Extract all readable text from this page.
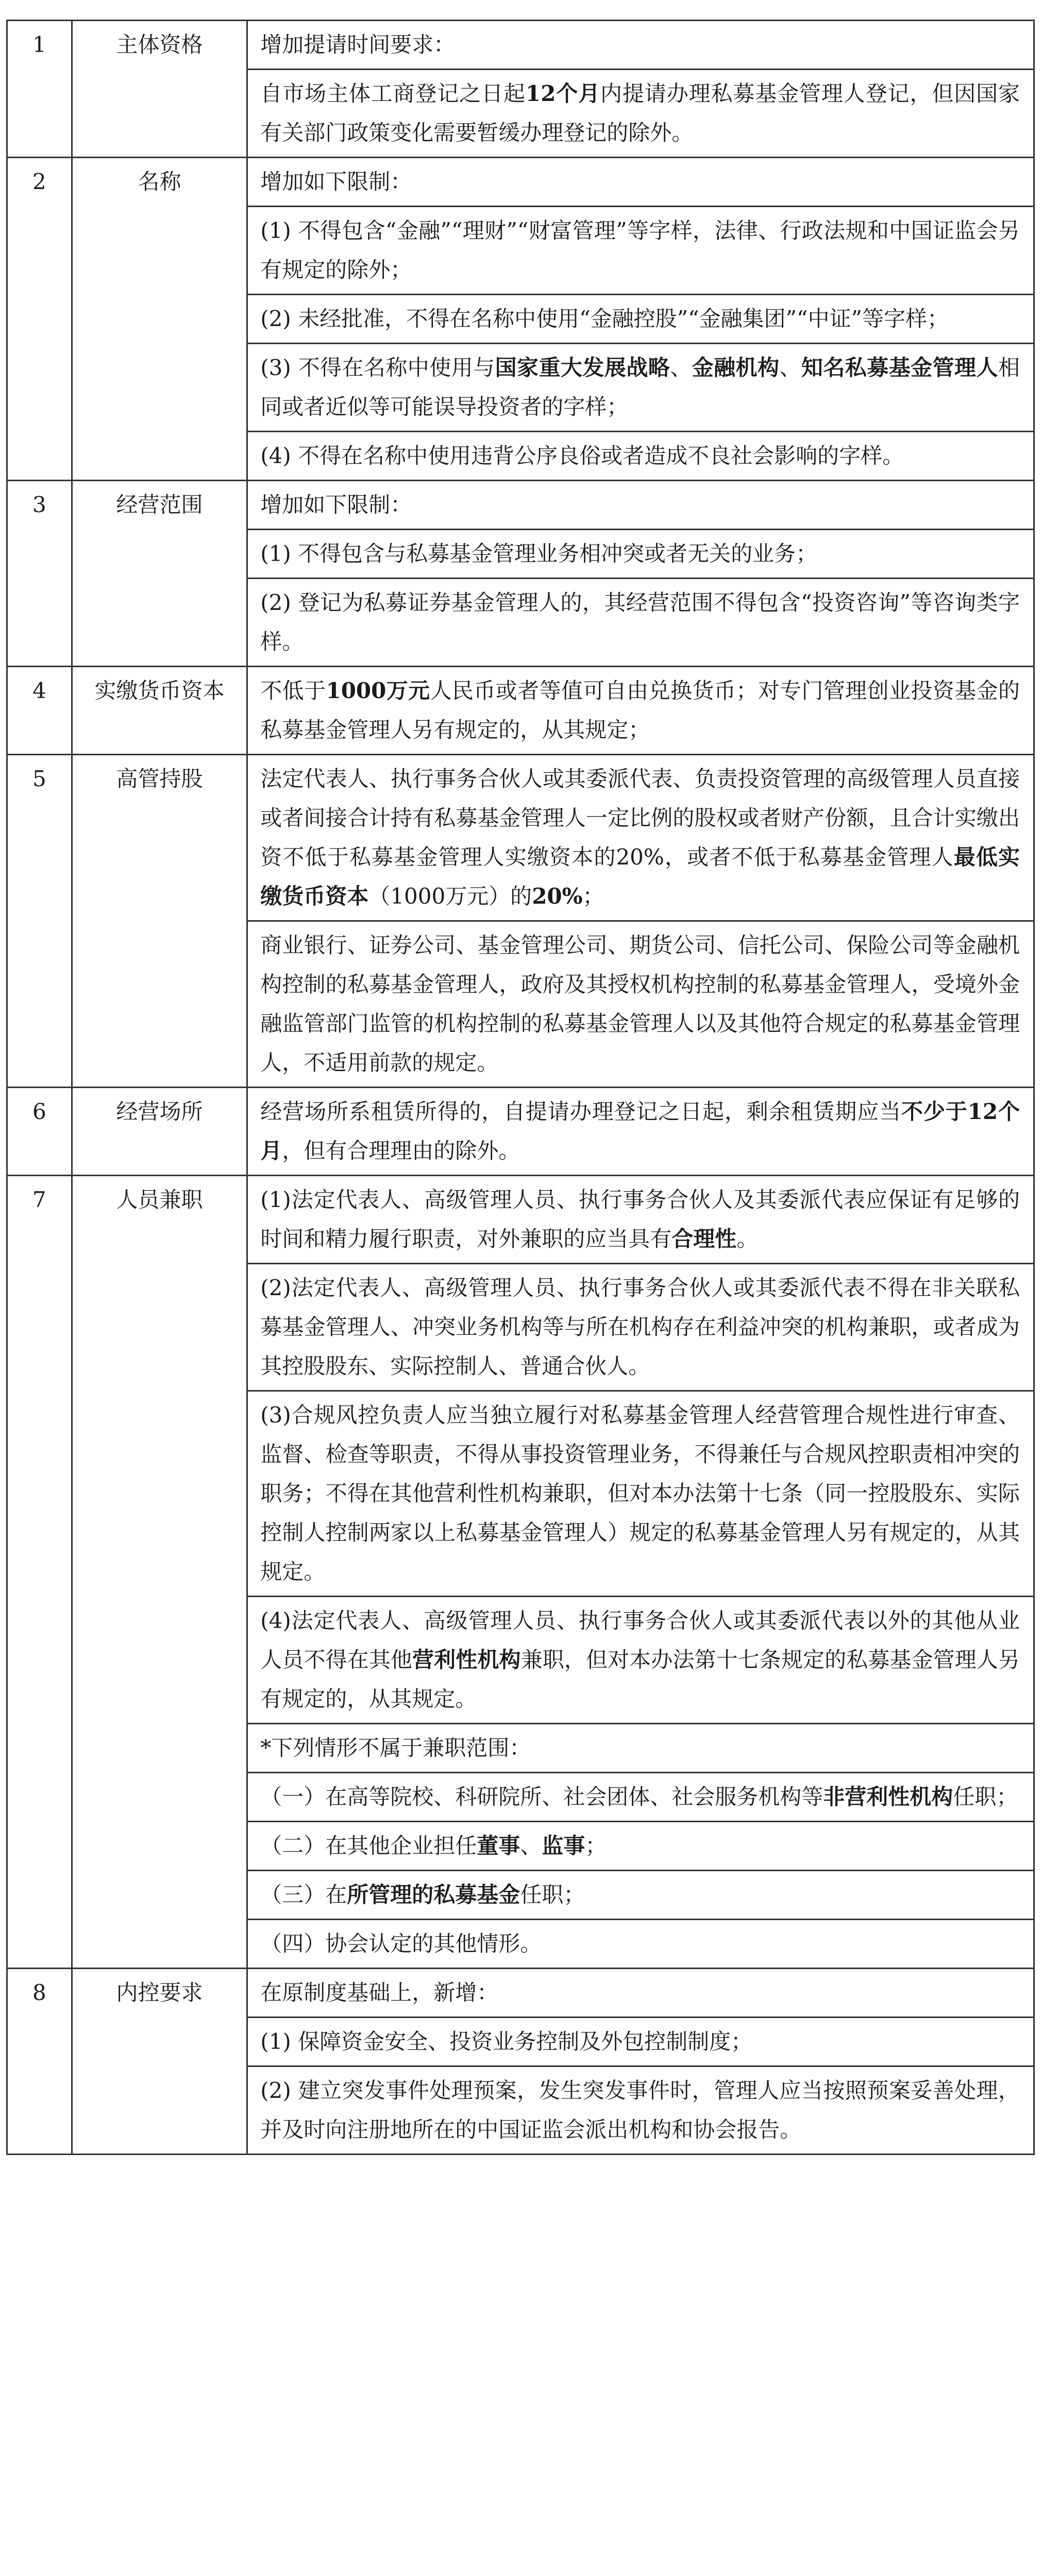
1	主体资格	增加提请时间要求：
		自市场主体工商登记之日起12个月内提请办理私募基金管理人登记，但因国家有关部门政策变化需要暂缓办理登记的除外。
2	名称	增加如下限制：
		(1) 不得包含“金融”“理财”“财富管理”等字样，法律、行政法规和中国证监会另有规定的除外；
		(2) 未经批准，不得在名称中使用“金融控股”“金融集团”“中证”等字样；
		(3) 不得在名称中使用与国家重大发展战略、金融机构、知名私募基金管理人相同或者近似等可能误导投资者的字样；
		(4) 不得在名称中使用违背公序良俗或者造成不良社会影响的字样。
3	经营范围	增加如下限制：
		(1) 不得包含与私募基金管理业务相冲突或者无关的业务；
		(2) 登记为私募证券基金管理人的，其经营范围不得包含“投资咨询”等咨询类字样。
4	实缴货币资本	不低于1000万元人民币或者等值可自由兑换货币；对专门管理创业投资基金的私募基金管理人另有规定的，从其规定；
5	高管持股	法定代表人、执行事务合伙人或其委派代表、负责投资管理的高级管理人员直接或者间接合计持有私募基金管理人一定比例的股权或者财产份额，且合计实缴出资不低于私募基金管理人实缴资本的20%，或者不低于私募基金管理人最低实缴货币资本（1000万元）的20%；
		商业银行、证券公司、基金管理公司、期货公司、信托公司、保险公司等金融机构控制的私募基金管理人，政府及其授权机构控制的私募基金管理人，受境外金融监管部门监管的机构控制的私募基金管理人以及其他符合规定的私募基金管理人，不适用前款的规定。
6	经营场所	经营场所系租赁所得的，自提请办理登记之日起，剩余租赁期应当不少于12个月，但有合理理由的除外。
7	人员兼职	(1)法定代表人、高级管理人员、执行事务合伙人及其委派代表应保证有足够的时间和精力履行职责，对外兼职的应当具有合理性。
		(2)法定代表人、高级管理人员、执行事务合伙人或其委派代表不得在非关联私募基金管理人、冲突业务机构等与所在机构存在利益冲突的机构兼职，或者成为其控股股东、实际控制人、普通合伙人。
		(3)合规风控负责人应当独立履行对私募基金管理人经营管理合规性进行审查、监督、检查等职责，不得从事投资管理业务，不得兼任与合规风控职责相冲突的职务；不得在其他营利性机构兼职，但对本办法第十七条（同一控股股东、实际控制人控制两家以上私募基金管理人）规定的私募基金管理人另有规定的，从其规定。
		(4)法定代表人、高级管理人员、执行事务合伙人或其委派代表以外的其他从业人员不得在其他营利性机构兼职，但对本办法第十七条规定的私募基金管理人另有规定的，从其规定。
		*下列情形不属于兼职范围：
		（一）在高等院校、科研院所、社会团体、社会服务机构等非营利性机构任职；
		（二）在其他企业担任董事、监事；
		（三）在所管理的私募基金任职；
		（四）协会认定的其他情形。
8	内控要求	在原制度基础上，新增：
		(1) 保障资金安全、投资业务控制及外包控制制度；
		(2) 建立突发事件处理预案，发生突发事件时，管理人应当按照预案妥善处理，并及时向注册地所在的中国证监会派出机构和协会报告。
